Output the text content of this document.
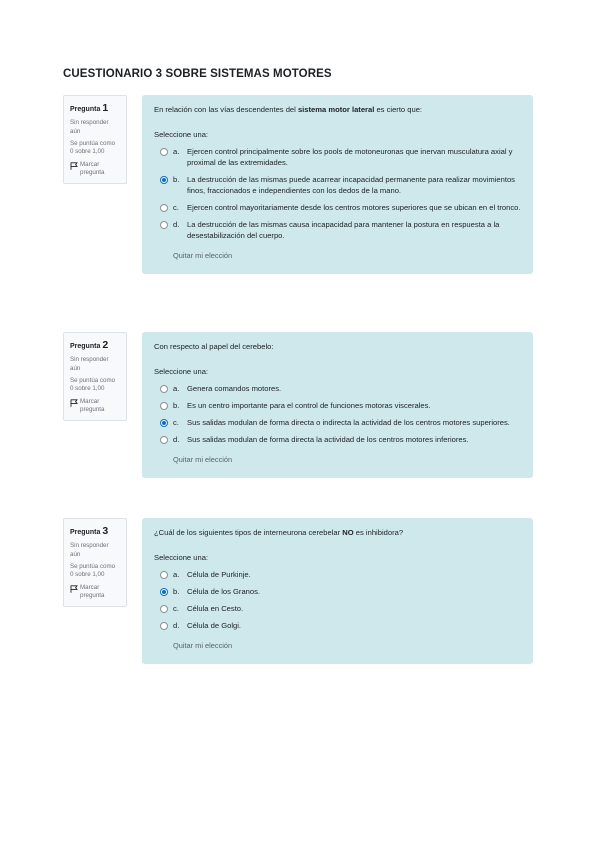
CUESTIONARIO 3 SOBRE SISTEMAS MOTORES
Pregunta 1
Sin responder aún
Se puntúa como 0 sobre 1,00
Marcar pregunta
En relación con las vías descendentes del sistema motor lateral es cierto que:
Seleccione una:
a.	Ejercen control principalmente sobre los pools de motoneuronas que inervan musculatura axial y proximal de las extremidades.
b.	La destrucción de las mismas puede acarrear incapacidad permanente para realizar movimientos finos, fraccionados e independientes con los dedos de la mano.
c.	Ejercen control mayoritariamente desde los centros motores superiores que se ubican en el tronco.
d.	La destrucción de las mismas causa incapacidad para mantener la postura en respuesta a la desestabilización del cuerpo.
Quitar mi elección
Pregunta 2
Sin responder aún
Se puntúa como 0 sobre 1,00
Marcar pregunta
Con respecto al papel del cerebelo:
Seleccione una:
a.	Genera comandos motores.
b.	Es un centro importante para el control de funciones motoras viscerales.
c.	Sus salidas modulan de forma directa o indirecta la actividad de los centros motores superiores.
d.	Sus salidas modulan de forma directa la actividad de los centros motores inferiores.
Quitar mi elección
Pregunta 3
Sin responder aún
Se puntúa como 0 sobre 1,00
Marcar pregunta
¿Cuál de los siguientes tipos de interneurona cerebelar NO es inhibidora?
Seleccione una:
a.	Célula de Purkinje.
b.	Célula de los Granos.
c.	Célula en Cesto.
d.	Célula de Golgi.
Quitar mi elección
